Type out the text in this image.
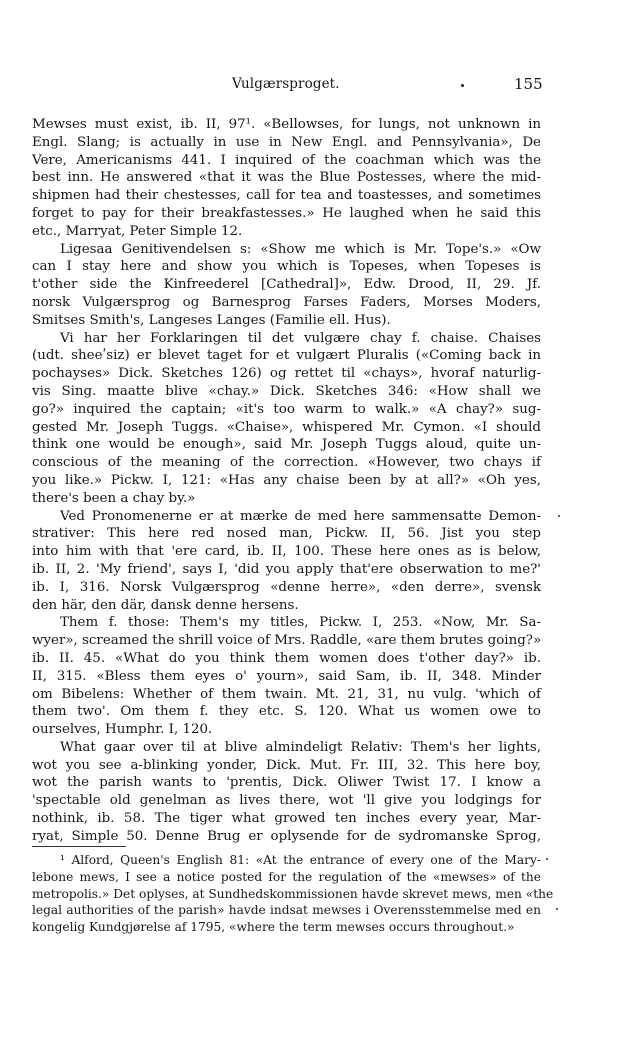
Vulgærsproget.	155
Mewses must exist, ib. II, 97¹. «Bellowses, for lungs, not unknown in
Engl. Slang; is actually in use in New Engl. and Pennsylvania», De
Vere, Americanisms 441. I inquired of the coachman which was the
best inn. He answered «that it was the Blue Postesses, where the mid-
shipmen had their chestesses, call for tea and toastesses, and sometimes
forget to pay for their breakfastesses.» He laughed when he said this
etc., Marryat, Peter Simple 12.
Ligesaa Genitivendelsen s: «Show me which is Mr. Tope's.» «Ow
can I stay here and show you which is Topeses, when Topeses is
t'other side the Kinfreederel [Cathedral]», Edw. Drood, II, 29. Jf.
norsk Vulgærsprog og Barnesprog Farses Faders, Morses Moders,
Smitses Smith's, Langeses Langes (Familie ell. Hus).
Vi har her Forklaringen til det vulgære chay f. chaise. Chaises
(udt. sheeʹsiz) er blevet taget for et vulgært Pluralis («Coming back in
pochayses» Dick. Sketches 126) og rettet til «chays», hvoraf naturlig-
vis Sing. maatte blive «chay.» Dick. Sketches 346: «How shall we
go?» inquired the captain; «it's too warm to walk.» «A chay?» sug-
gested Mr. Joseph Tuggs. «Chaise», whispered Mr. Cymon. «I should
think one would be enough», said Mr. Joseph Tuggs aloud, quite un-
conscious of the meaning of the correction. «However, two chays if
you like.» Pickw. I, 121: «Has any chaise been by at all?» «Oh yes,
there's been a chay by.»
Ved Pronomenerne er at mærke de med here sammensatte Demon-
strativer: This here red nosed man, Pickw. II, 56. Jist you step
into him with that 'ere card, ib. II, 100. These here ones as is below,
ib. II, 2. 'My friend', says I, 'did you apply that'ere obserwation to me?'
ib. I, 316. Norsk Vulgærsprog «denne herre», «den derre», svensk
den här, den där, dansk denne hersens.
Them f. those: Them's my titles, Pickw. I, 253. «Now, Mr. Sa-
wyer», screamed the shrill voice of Mrs. Raddle, «are them brutes going?»
ib. II. 45. «What do you think them women does t'other day?» ib.
II, 315. «Bless them eyes o' yourn», said Sam, ib. II, 348. Minder
om Bibelens: Whether of them twain. Mt. 21, 31, nu vulg. 'which of
them two'. Om them f. they etc. S. 120. What us women owe to
ourselves, Humphr. I, 120.
What gaar over til at blive almindeligt Relativ: Them's her lights,
wot you see a-blinking yonder, Dick. Mut. Fr. III, 32. This here boy,
wot the parish wants to 'prentis, Dick. Oliwer Twist 17. I know a
'spectable old genelman as lives there, wot 'll give you lodgings for
nothink, ib. 58. The tiger what growed ten inches every year, Mar-
ryat, Simple 50. Denne Brug er oplysende for de sydromanske Sprog,
¹ Alford, Queen's English 81: «At the entrance of every one of the Mary-
lebone mews, I see a notice posted for the regulation of the «mewses» of the
metropolis.» Det oplyses, at Sundhedskommissionen havde skrevet mews, men «the
legal authorities of the parish» havde indsat mewses i Overensstemmelse med en
kongelig Kundgjørelse af 1795, «where the term mewses occurs throughout.»
